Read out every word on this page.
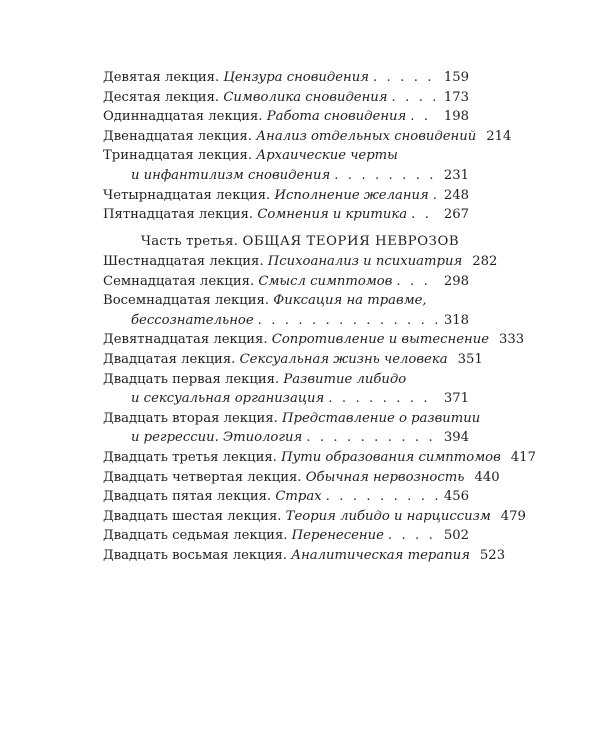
Девятая лекция. Цензура сновидения . . .	159
Десятая лекция. Символика сновидения . . .	173
Одиннадцатая лекция. Работа сновидения . . .	198
Двенадцатая лекция. Анализ отдельных сновидений 214
Тринадцатая лекция. Архаические черты
и инфантилизм сновидения . . .	231
Четырнадцатая лекция. Исполнение желания . . . 248
Пятнадцатая лекция. Сомнения и критика . . .	267
Часть третья. ОБЩАЯ ТЕОРИЯ НЕВРОЗОВ
Шестнадцатая лекция. Психоанализ и психиатрия 282
Семнадцатая лекция. Смысл симптомов . . .	298
Восемнадцатая лекция. Фиксация на травме,
бессознательное . . .	318
Девятнадцатая лекция. Сопротивление и вытеснение 333
Двадцатая лекция. Сексуальная жизнь человека 351
Двадцать первая лекция. Развитие либидо
и сексуальная организация . . .	371
Двадцать вторая лекция. Представление о развитии
и регрессии. Этиология . . .	394
Двадцать третья лекция. Пути образования симптомов 417
Двадцать четвертая лекция. Обычная нервозность 440
Двадцать пятая лекция. Страх . . .	456
Двадцать шестая лекция. Теория либидо и нарциссизм 479
Двадцать седьмая лекция. Перенесение . . .	502
Двадцать восьмая лекция. Аналитическая терапия 523
